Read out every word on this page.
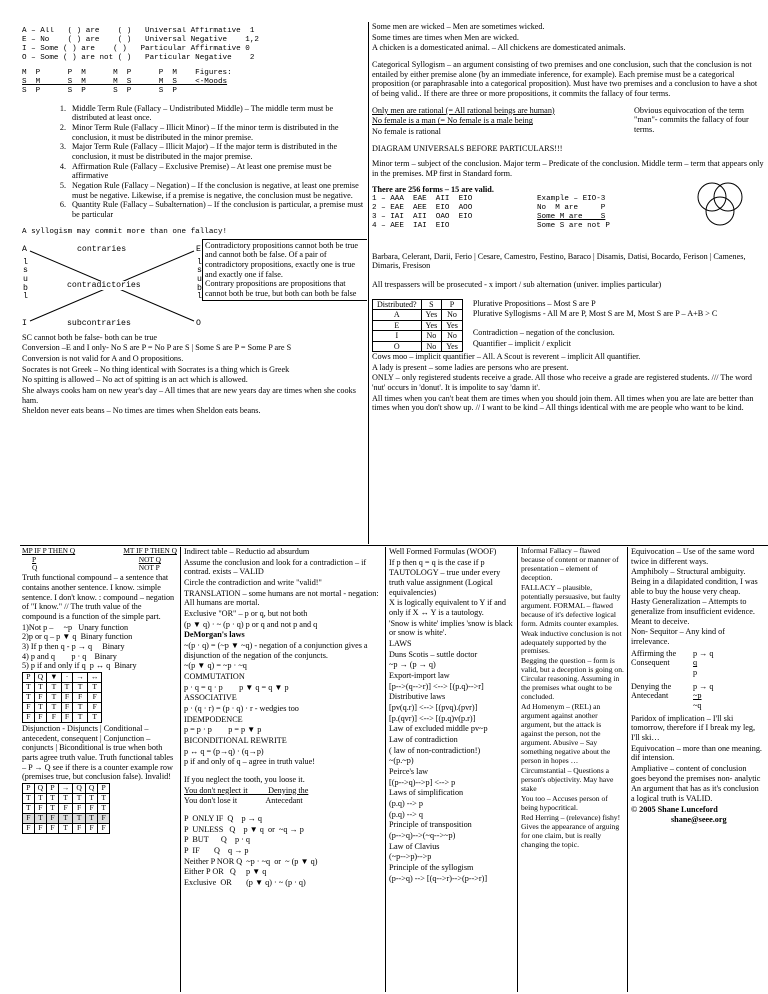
A – All   ( ) are    ( )   Universal Affirmative  1
E – No    ( ) are    ( )   Universal Negative    1,2
I – Some ( ) are    ( )   Particular Affirmative 0
O – Some ( ) are not ( )   Particular Negative    2
M  P      P  M      M  P      P  M    Figures:
S  M      S  M      M  S      M  S    <-Moods
S  P      S  P      S  P      S  P
1. Middle Term Rule (Fallacy – Undistributed Middle) – The middle term must be distributed at least once.
2. Minor Term Rule (Fallacy – Illicit Minor) – If the minor term is distributed in the conclusion, it must be distributed in the minor premise.
3. Major Term Rule (Fallacy – Illicit Major) – If the major term is distributed in the conclusion, it must be distributed in the major premise.
4. Affirmation Rule (Fallacy – Exclusive Premise) – At least one premise must be affirmative
5. Negation Rule (Fallacy – Negation) – If the conclusion is negative, at least one premise must be negative. Likewise, if a premise is negative, the conclusion must be negative.
6. Quantity Rule (Fallacy – Subalternation) – If the conclusion is particular, a premise must be particular
A syllogism may commit more than one fallacy!
A	E
I	O
contraries
contradictories
subcontraries
l s u b l
l s u b l

Contradictory propositions cannot both be true and cannot both be false. Of a pair of contradictory propositions, exactly one is true and exactly one if false.

Contrary propositions are propositions that cannot both be true, but both can both be false

SC cannot both be false- both can be true

Conversion –E and I only- No S are P = No P are S | Some S are P = Some P are S

Conversion is not valid for A and O propositions.

Socrates is not Greek – No thing identical with Socrates is a thing which is Greek

No spitting is allowed – No act of spitting is an act which is allowed.

She always cooks ham on new year's day – All times that are new years day are times when she cooks ham.

Sheldon never eats beans – No times are times when Sheldon eats beans.

Some men are wicked – Men are sometimes wicked.

Some times are times when Men are wicked.

A chicken is a domesticated animal. – All chickens are domesticated animals.

Categorical Syllogism – an argument consisting of two premises and one conclusion, such that the conclusion is not entailed by either premise alone (by an immediate inference, for example). Each premise must be a categorical proposition (or paraphrasable into a categorical proposition). Must have two premises and a conclusion to have a shot of being valid.. If there are three or more propositions, it commits the fallacy of four terms.

Only men are rational (= All rational beings are human)

No female is a man (= No female is a male being

No female is rational

Obvious equivocation of the term "man"- commits the fallacy of four terms.

DIAGRAM UNIVERSALS BEFORE PARTICULARS!!!

Minor term – subject of the conclusion. Major term – Predicate of the conclusion. Middle term – term that appears only in the premises. MP first in Standard form.

There are 256 forms – 15 are valid.

1 – AAA  EAE  AII  EIO
2 – EAE  AEE  EIO  AOO
3 – IAI  AII  OAO  EIO
4 – AEE  IAI  EIO
Example – EIO-3
No  M are     P
Some M are    S
Some S are not P

Barbara, Celerant, Darii, Ferio | Cesare, Camestro, Festino, Baraco | Disamis, Datisi, Bocardo, Ferison | Camenes, Dimaris, Fresison

All trespassers will be prosecuted - x import / sub alternation (univer. implies particular)

Distributed?	S	P
A	Yes	No
E	Yes	Yes
I	No	No
O	No	Yes

Plurative Propositions – Most S are P

Plurative Syllogisms - All M are P, Most S are M, Most S are P – A+B > C

Contradiction – negation of the conclusion.

Quantifier – implicit / explicit

Cows moo – implicit quantifier – All. A Scout is reverent – implicit All quantifier.

A lady is present – some ladies are persons who are present.

ONLY – only registered students receive a grade. All those who receive a grade are registered students. /// The word 'nut' occurs in 'donut'. It is impolite to say 'damn it'.

All times when you can't beat them are times when you should join them. All times when you are late are better than times when you don't show up. // I want to be kind – All things identical with me are people who want to be kind.

MP IF P THEN Q	MT IF P THEN Q
P
Q
NOT Q
NOT P

Truth functional compound – a sentence that contains another sentence. I know. :simple sentence. I don't know. : compound – negation of "I know." // The truth value of the compound is a function of the simple part.

1)Not p –     ~p   Unary function
2)p or q – p ▼ q  Binary function
3) If p then q - p → q     Binary
4) p and q        p · q    Binary
5) p if and only if q  p ↔ q  Binary
P	Q	▼	·	→	↔
T	T	T	T	T	T
T	F	T	F	F	F
F	T	T	F	T	F
F	F	F	F	T	T

Disjunction - Disjuncts | Conditional – antecedent, consequent | Conjunction – conjuncts | Biconditional is true when both parts agree truth value. Truth functional tables – P → Q see if there is a counter example row (premises true, but conclusion false). Invalid!

P	Q	P	→	Q	Q	P
T	T	T	T	T	T	T
T	F	T	F	F	F	T
F	T	F	T	T	T	F
F	F	F	T	F	F	F

Indirect table – Reductio ad absurdum

Assume the conclusion and look for a contradiction – if contrad. exists – VALID

Circle the contradiction and write "valid!"

TRANSLATION – some humans are not mortal - negation: All humans are mortal.

Exclusive "OR" – p or q, but not both

(p ▼ q) · ~ (p · q) p or q and not p and q

DeMorgan's laws

~(p · q) = (~p ▼ ~q) - negation of a conjunction gives a disjunction of the negation of the conjuncts.

~(p ▼ q) = ~p · ~q

COMMUTATION

p · q = q · p        p ▼ q = q ▼ p

ASSOCIATIVE

p · (q · r) = (p · q) · r - wedgies too

IDEMPODENCE

p = p · p        p = p ▼ p

BICONDITIONAL REWRITE

p ↔ q = (p→q) · (q→p)

p if and only of q – agree in truth value!

If you neglect the tooth, you loose it.

You don't neglect it          Denying the

You don't lose it              Antecedant

P  ONLY IF  Q    p → q

P  UNLESS   Q    p ▼ q  or  ~q → p

P  BUT      Q    p · q

P  IF       Q    q → p

Neither P NOR Q  ~p · ~q  or  ~ (p ▼ q)

Either P OR   Q     p ▼ q

Exclusive  OR       (p ▼ q) · ~ (p · q)

Well Formed Formulas (WOOF)

If p then q = q is the case if p

TAUTOLOGY – true under every truth value assignment (Logical equivalencies)

X is logically equivalent to Y if and only if X ↔ Y is a tautology.

'Snow is white' implies 'snow is black or snow is white'.

LAWS

Duns Scotis – suttle doctor

~p → (p → q)

Export-import law

[p-->(q-->r)] <--> [(p.q)-->r]

Distributive laws

[pv(q.r)] <--> [(pvq).(pvr)]

[p.(qvr)] <--> [(p.q)v(p.r)]

Law of excluded middle pv~p

Law of contradiction

( law of non-contradiction!)

~(p.~p)

Peirce's law

[(p-->q)-->p] <--> p

Laws of simplification

(p.q) --> p

(p.q) --> q

Principle of transposition

(p-->q)-->(~q-->~p)

Law of Clavius

(~p-->p)-->p

Principle of the syllogism

(p-->q) --> [(q-->r)-->(p-->r)]

Informal Fallacy – flawed because of content or manner of presentation – element of deception.

FALLACY – plausible, potentially persuasive, but faulty argument. FORMAL – flawed because of it's defective logical form. Admits counter examples.

Weak inductive conclusion is not adequately supported by the premises.

Begging the question – form is valid, but a deception is going on. Circular reasoning. Assuming in the premises what ought to be concluded.

Ad Homenym – (REL) an argument against another argument, but the attack is against the person, not the argument. Abusive – Say something negative about the person in hopes …

Circumstantial – Questions a person's objectivity. May have stake

You too – Accuses person of being hypocritical.

Red Herring – (relevance) fishy! Gives the appearance of arguing for one claim, but is really changing the topic.

Equivocation – Use of the same word twice in different ways.

Amphiboly – Structural ambiguity. Being in a dilapidated condition, I was able to buy the house very cheap.

Hasty Generalization – Attempts to generalize from insufficient evidence. Meant to deceive.

Non- Sequitor – Any kind of irrelevance.

Affirming the Consequent
p → q
q
p
Denying the Antecedant
p → q
~p
~q

Paridox of implication – I'll ski tomorrow, therefore if I break my leg, I'll ski…

Equivocation – more than one meaning. dif intension.

Ampliative – content of conclusion goes beyond the premises non- analytic

An argument that has as it's conclusion a logical truth is VALID.

© 2005 Shane Lunceford

shane@seee.org
